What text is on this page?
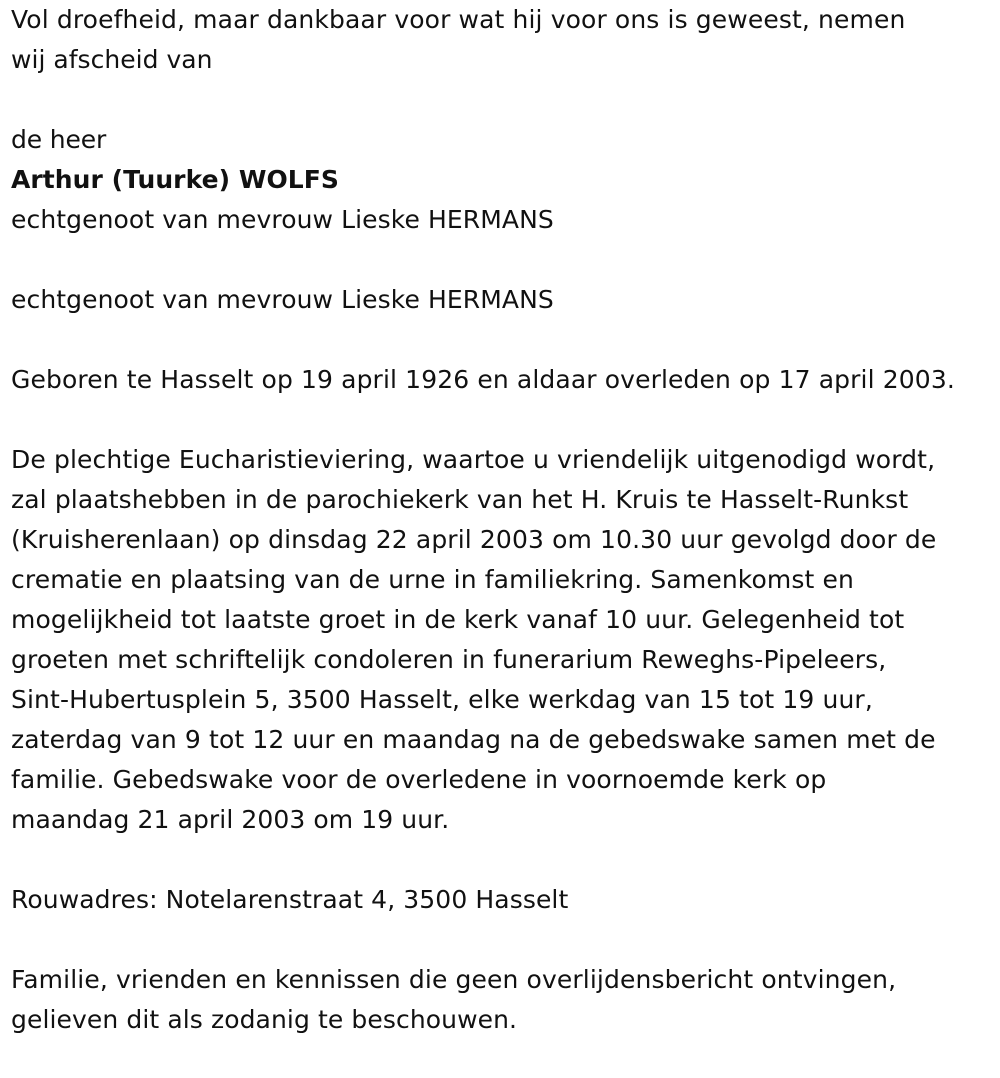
Vol droefheid, maar dankbaar voor wat hij voor ons is geweest, nemen

wij afscheid van

de heer

Arthur (Tuurke) WOLFS

echtgenoot van mevrouw Lieske HERMANS

echtgenoot van mevrouw Lieske HERMANS

Geboren te Hasselt op 19 april 1926 en aldaar overleden op 17 april 2003.

De plechtige Eucharistieviering, waartoe u vriendelijk uitgenodigd wordt,

zal plaatshebben in de parochiekerk van het H. Kruis te Hasselt-Runkst

(Kruisherenlaan) op dinsdag 22 april 2003 om 10.30 uur gevolgd door de

crematie en plaatsing van de urne in familiekring. Samenkomst en

mogelijkheid tot laatste groet in de kerk vanaf 10 uur. Gelegenheid tot

groeten met schriftelijk condoleren in funerarium Reweghs-Pipeleers,

Sint-Hubertusplein 5, 3500 Hasselt, elke werkdag van 15 tot 19 uur,

zaterdag van 9 tot 12 uur en maandag na de gebedswake samen met de

familie. Gebedswake voor de overledene in voornoemde kerk op

maandag 21 april 2003 om 19 uur.

Rouwadres: Notelarenstraat 4, 3500 Hasselt

Familie, vrienden en kennissen die geen overlijdensbericht ontvingen,

gelieven dit als zodanig te beschouwen.
